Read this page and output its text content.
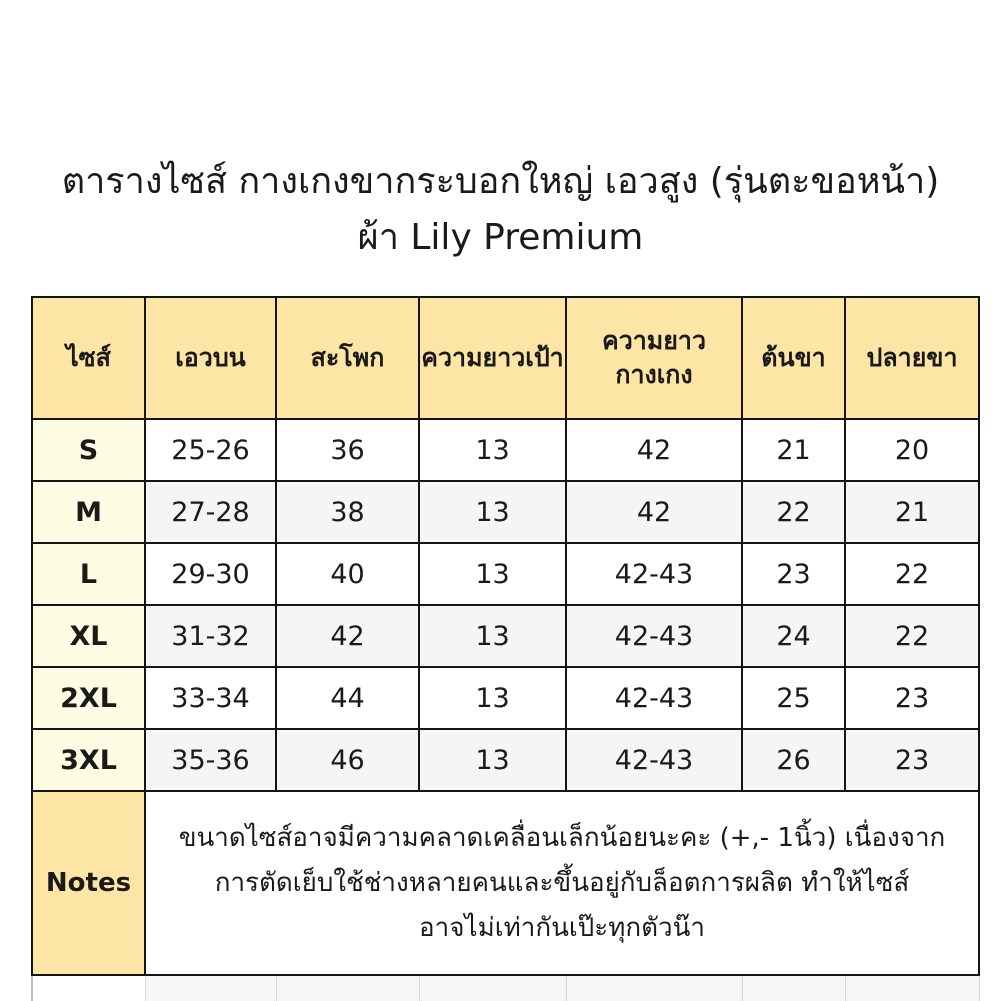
ตารางไซส์ กางเกงขากระบอกใหญ่ เอวสูง (รุ่นตะขอหน้า)
ผ้า Lily Premium
ไซส์	เอวบน	สะโพก	ความยาวเป้า	ความยาวกางเกง	ต้นขา	ปลายขา
S	25-26	36	13	42	21	20
M	27-28	38	13	42	22	21
L	29-30	40	13	42-43	23	22
XL	31-32	42	13	42-43	24	22
2XL	33-34	44	13	42-43	25	23
3XL	35-36	46	13	42-43	26	23
Notes	ขนาดไซส์อาจมีความคลาดเคลื่อนเล็กน้อยนะคะ (+,- 1นิ้ว) เนื่องจาก
การตัดเย็บใช้ช่างหลายคนและขึ้นอยู่กับล็อตการผลิต ทำให้ไซส์
อาจไม่เท่ากันเป๊ะทุกตัวน๊า					
